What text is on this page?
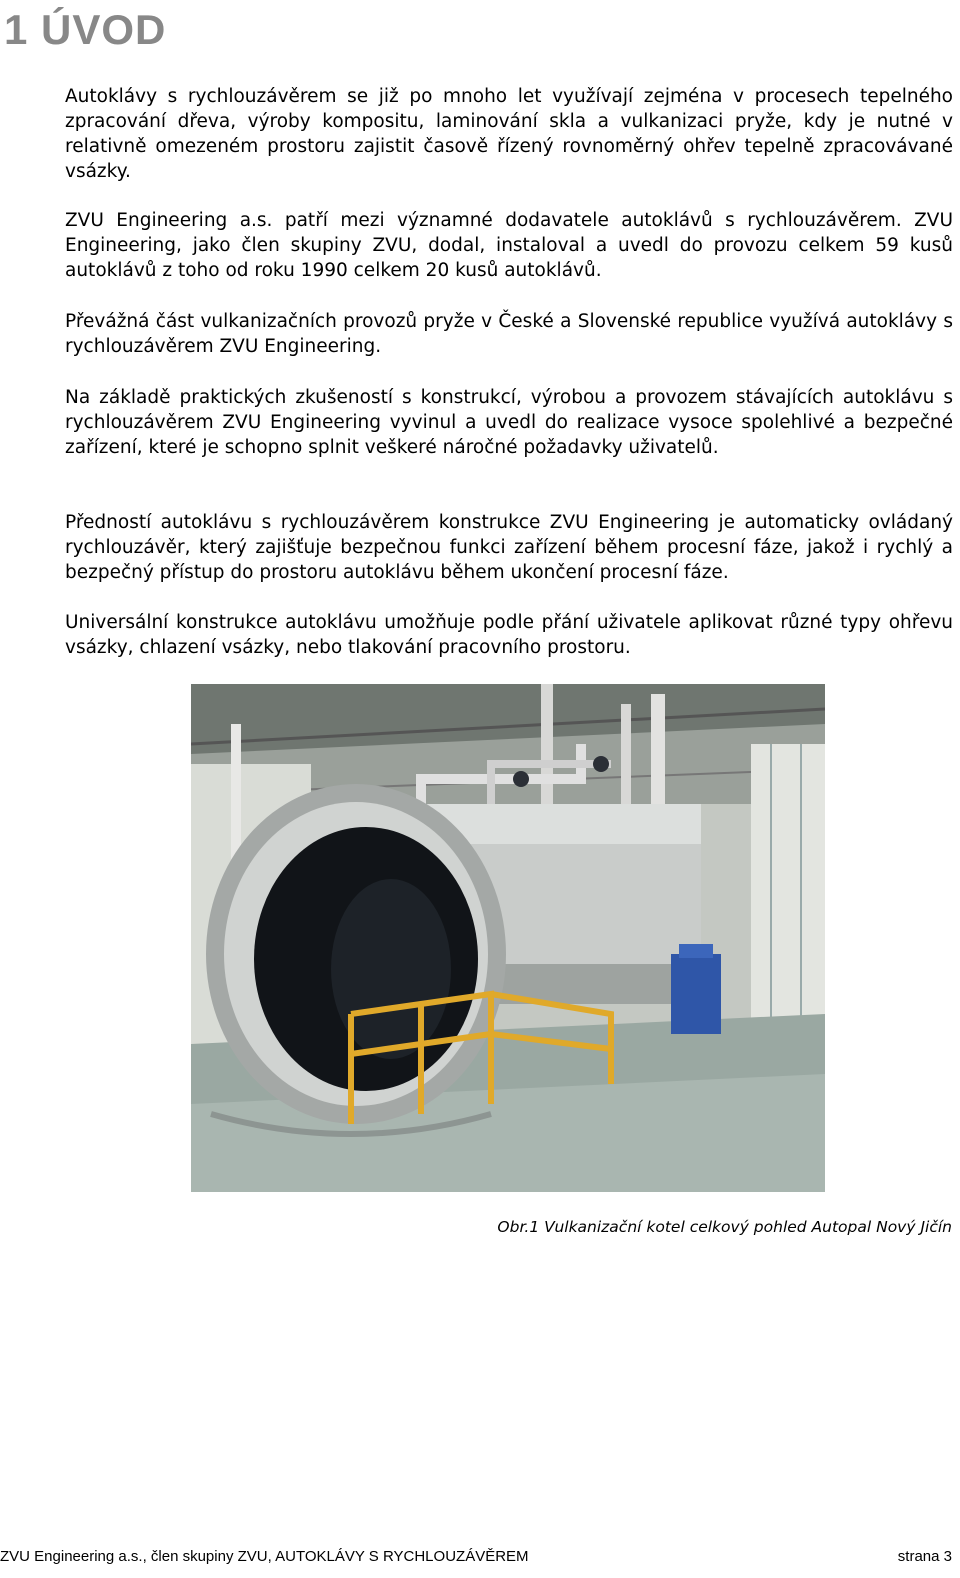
1 ÚVOD

Autoklávy s rychlouzávěrem se již po mnoho let využívají zejména v procesech tepelného zpracování dřeva, výroby kompositu, laminování skla a vulkanizaci pryže, kdy je nutné v relativně omezeném prostoru zajistit časově řízený rovnoměrný ohřev tepelně zpracovávané vsázky.

ZVU Engineering a.s. patří mezi významné dodavatele autoklávů s rychlouzávěrem. ZVU Engineering, jako člen skupiny ZVU, dodal, instaloval a uvedl do provozu celkem 59 kusů autoklávů z toho od roku 1990 celkem 20 kusů autoklávů.

Převážná část vulkanizačních provozů pryže v České a Slovenské republice využívá autoklávy s rychlouzávěrem ZVU Engineering.

Na základě praktických zkušeností s konstrukcí, výrobou a provozem stávajících autoklávu s rychlouzávěrem ZVU Engineering vyvinul a uvedl do realizace vysoce spolehlivé a bezpečné zařízení, které je schopno splnit veškeré náročné požadavky uživatelů.

Předností autoklávu s rychlouzávěrem konstrukce ZVU Engineering je automaticky ovládaný rychlouzávěr, který zajišťuje bezpečnou funkci zařízení během procesní fáze, jakož i rychlý a bezpečný přístup do prostoru autoklávu během ukončení procesní fáze.

Universální konstrukce autoklávu umožňuje podle přání uživatele aplikovat různé typy ohřevu vsázky, chlazení vsázky, nebo tlakování pracovního prostoru.

Obr.1 Vulkanizační kotel celkový pohled Autopal Nový Jičín

ZVU Engineering a.s., člen skupiny ZVU, AUTOKLÁVY S RYCHLOUZÁVĚREM	strana 3
